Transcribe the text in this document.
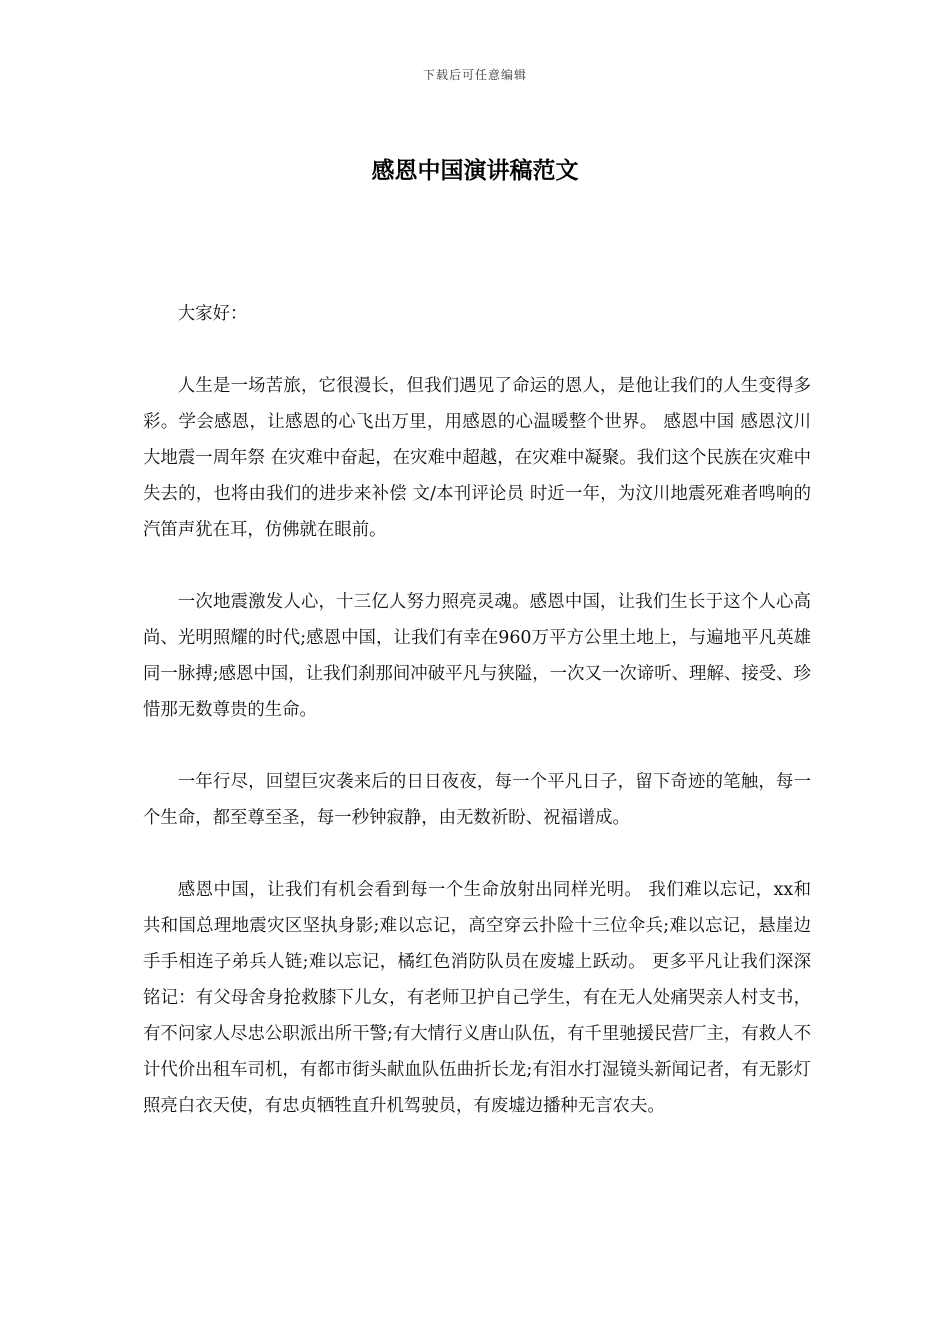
下载后可任意编辑
感恩中国演讲稿范文

大家好：

人生是一场苦旅，它很漫长，但我们遇见了命运的恩人，是他让我们的人生变得多彩。学会感恩，让感恩的心飞出万里，用感恩的心温暖整个世界。 感恩中国 感恩汶川大地震一周年祭 在灾难中奋起，在灾难中超越，在灾难中凝聚。我们这个民族在灾难中失去的，也将由我们的进步来补偿 文/本刊评论员 时近一年，为汶川地震死难者鸣响的汽笛声犹在耳，仿佛就在眼前。

一次地震激发人心，十三亿人努力照亮灵魂。感恩中国，让我们生长于这个人心高尚、光明照耀的时代;感恩中国，让我们有幸在960万平方公里土地上，与遍地平凡英雄同一脉搏;感恩中国，让我们刹那间冲破平凡与狭隘，一次又一次谛听、理解、接受、珍惜那无数尊贵的生命。

一年行尽，回望巨灾袭来后的日日夜夜，每一个平凡日子，留下奇迹的笔触，每一个生命，都至尊至圣，每一秒钟寂静，由无数祈盼、祝福谱成。

感恩中国，让我们有机会看到每一个生命放射出同样光明。 我们难以忘记，xx和共和国总理地震灾区坚执身影;难以忘记，高空穿云扑险十三位伞兵;难以忘记，悬崖边手手相连子弟兵人链;难以忘记，橘红色消防队员在废墟上跃动。 更多平凡让我们深深铭记：有父母舍身抢救膝下儿女，有老师卫护自己学生，有在无人处痛哭亲人村支书，有不问家人尽忠公职派出所干警;有大情行义唐山队伍，有千里驰援民营厂主，有救人不计代价出租车司机，有都市街头献血队伍曲折长龙;有泪水打湿镜头新闻记者，有无影灯照亮白衣天使，有忠贞牺牲直升机驾驶员，有废墟边播种无言农夫。
